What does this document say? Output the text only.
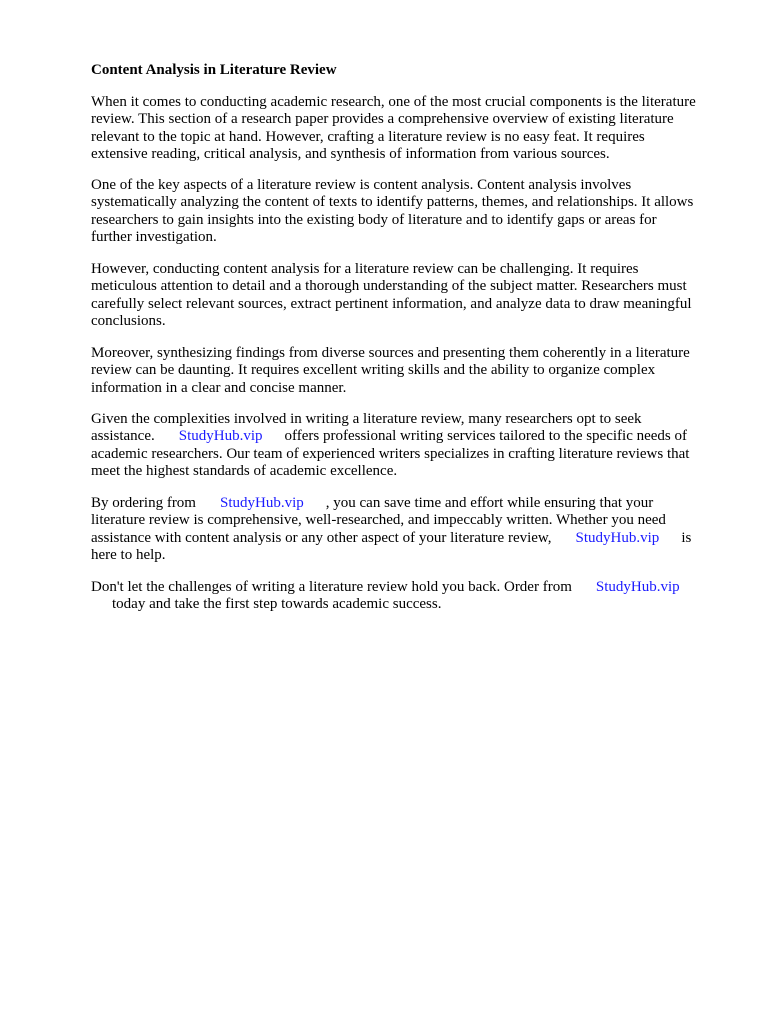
Content Analysis in Literature Review

When it comes to conducting academic research, one of the most crucial components is the literature
review. This section of a research paper provides a comprehensive overview of existing literature
relevant to the topic at hand. However, crafting a literature review is no easy feat. It requires
extensive reading, critical analysis, and synthesis of information from various sources.

One of the key aspects of a literature review is content analysis. Content analysis involves
systematically analyzing the content of texts to identify patterns, themes, and relationships. It allows
researchers to gain insights into the existing body of literature and to identify gaps or areas for
further investigation.

However, conducting content analysis for a literature review can be challenging. It requires
meticulous attention to detail and a thorough understanding of the subject matter. Researchers must
carefully select relevant sources, extract pertinent information, and analyze data to draw meaningful
conclusions.

Moreover, synthesizing findings from diverse sources and presenting them coherently in a literature
review can be daunting. It requires excellent writing skills and the ability to organize complex
information in a clear and concise manner.

Given the complexities involved in writing a literature review, many researchers opt to seek
assistance. StudyHub.vip offers professional writing services tailored to the specific needs of
academic researchers. Our team of experienced writers specializes in crafting literature reviews that
meet the highest standards of academic excellence.

By ordering from StudyHub.vip , you can save time and effort while ensuring that your
literature review is comprehensive, well-researched, and impeccably written. Whether you need
assistance with content analysis or any other aspect of your literature review, StudyHub.vip is
here to help.

Don't let the challenges of writing a literature review hold you back. Order from StudyHub.vip
today and take the first step towards academic success.
